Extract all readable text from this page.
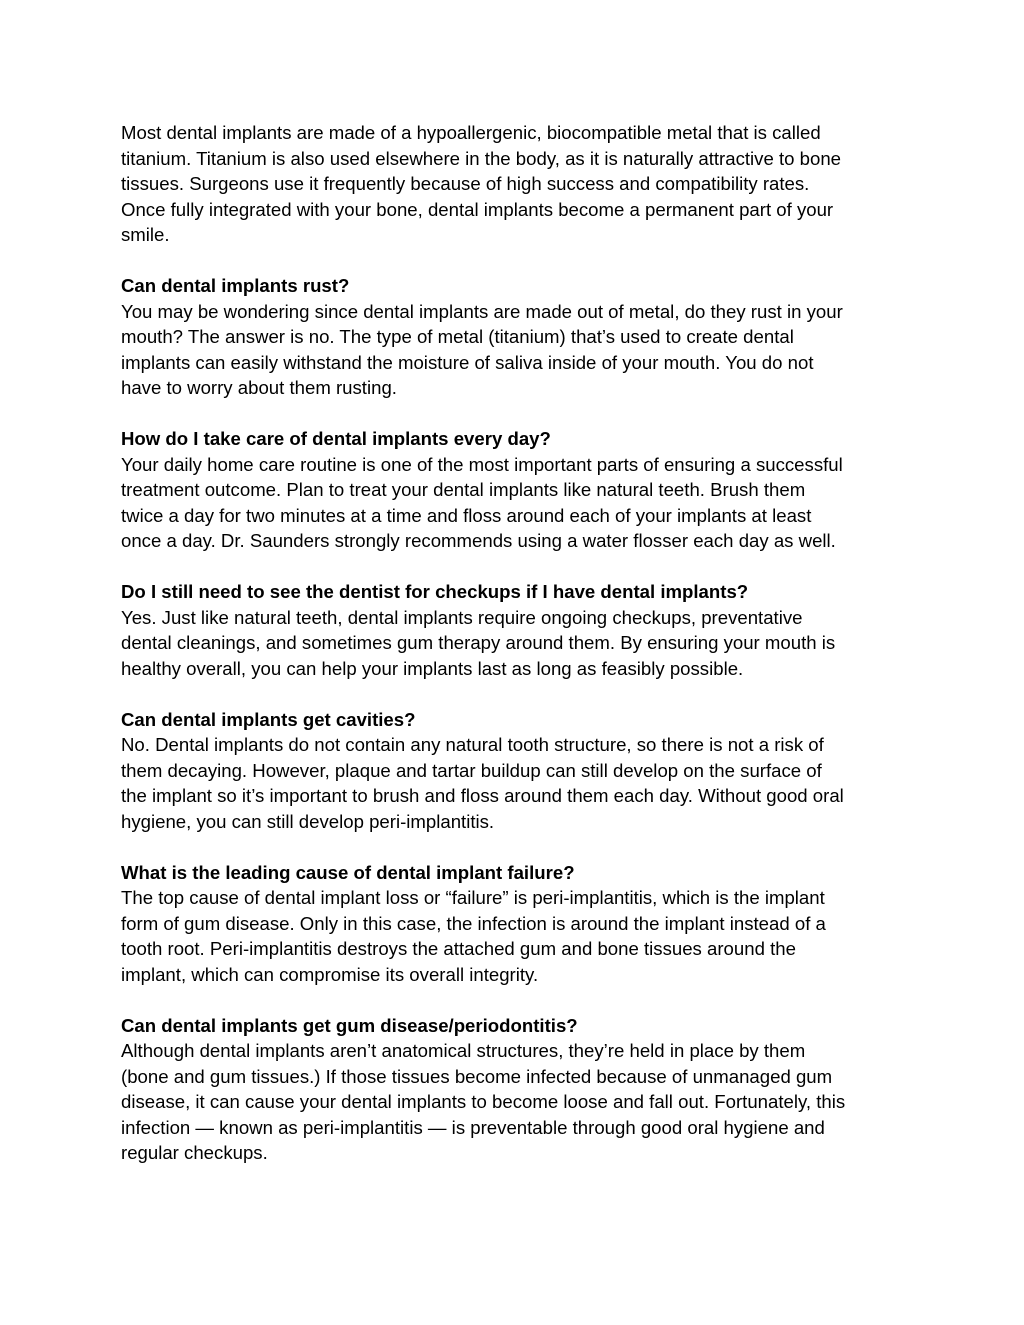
Most dental implants are made of a hypoallergenic, biocompatible metal that is called
titanium. Titanium is also used elsewhere in the body, as it is naturally attractive to bone
tissues. Surgeons use it frequently because of high success and compatibility rates.
Once fully integrated with your bone, dental implants become a permanent part of your
smile.

Can dental implants rust?
You may be wondering since dental implants are made out of metal, do they rust in your
mouth? The answer is no. The type of metal (titanium) that’s used to create dental
implants can easily withstand the moisture of saliva inside of your mouth. You do not
have to worry about them rusting.
How do I take care of dental implants every day?
Your daily home care routine is one of the most important parts of ensuring a successful
treatment outcome. Plan to treat your dental implants like natural teeth. Brush them
twice a day for two minutes at a time and floss around each of your implants at least
once a day. Dr. Saunders strongly recommends using a water flosser each day as well.
Do I still need to see the dentist for checkups if I have dental implants?
Yes. Just like natural teeth, dental implants require ongoing checkups, preventative
dental cleanings, and sometimes gum therapy around them. By ensuring your mouth is
healthy overall, you can help your implants last as long as feasibly possible.
Can dental implants get cavities?
No. Dental implants do not contain any natural tooth structure, so there is not a risk of
them decaying. However, plaque and tartar buildup can still develop on the surface of
the implant so it’s important to brush and floss around them each day. Without good oral
hygiene, you can still develop peri-implantitis.
What is the leading cause of dental implant failure?
The top cause of dental implant loss or “failure” is peri-implantitis, which is the implant
form of gum disease. Only in this case, the infection is around the implant instead of a
tooth root. Peri-implantitis destroys the attached gum and bone tissues around the
implant, which can compromise its overall integrity.
Can dental implants get gum disease/periodontitis?
Although dental implants aren’t anatomical structures, they’re held in place by them
(bone and gum tissues.) If those tissues become infected because of unmanaged gum
disease, it can cause your dental implants to become loose and fall out. Fortunately, this
infection — known as peri-implantitis — is preventable through good oral hygiene and
regular checkups.
